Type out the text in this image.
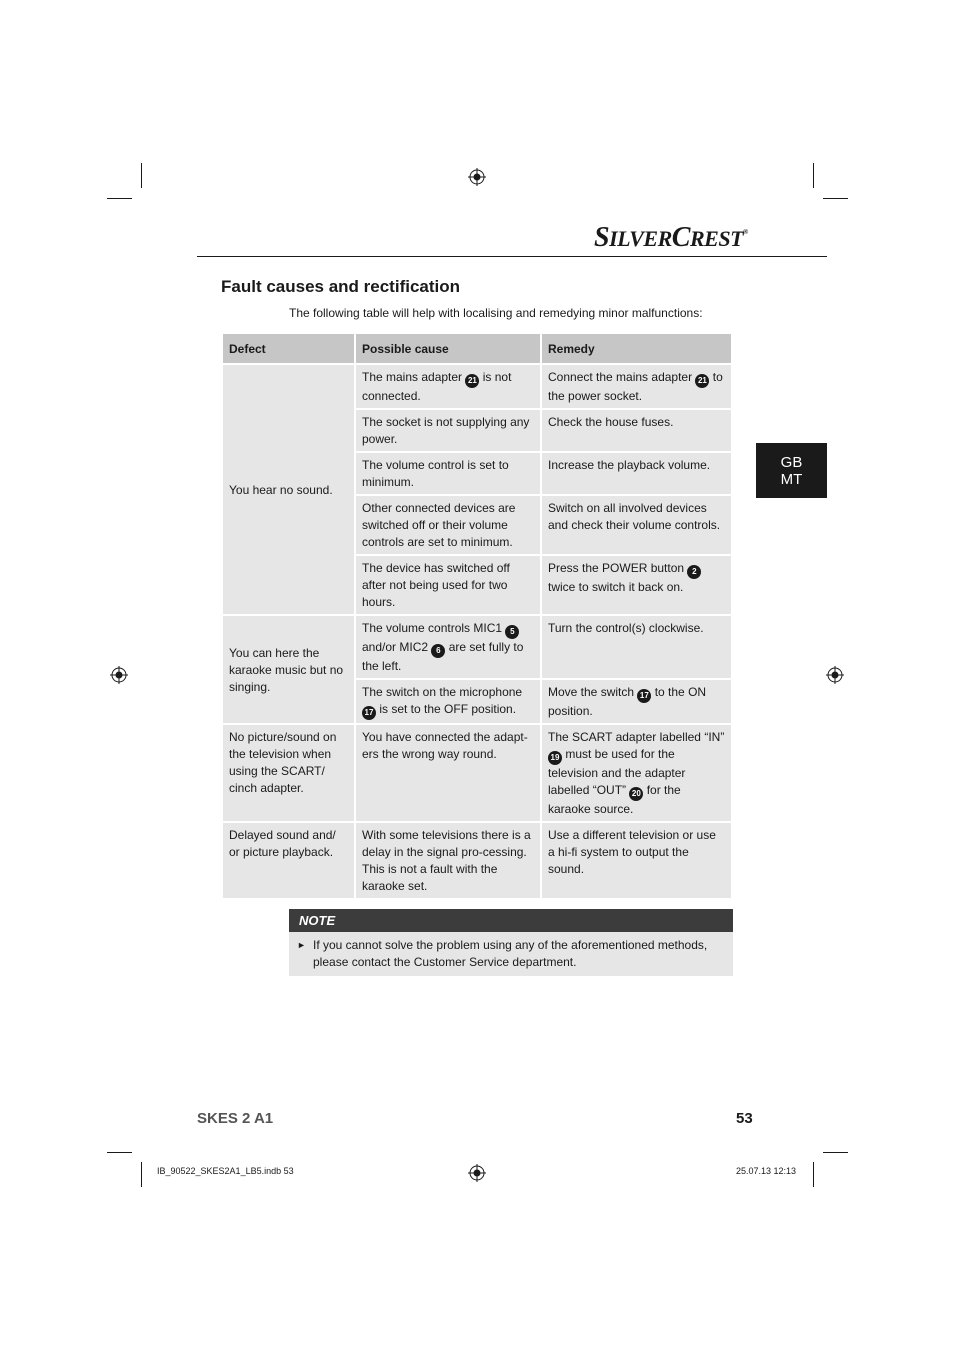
SILVERCREST®
Fault causes and rectification

The following table will help with localising and remedying minor malfunctions:

GB
MT
Defect	Possible cause	Remedy
You hear no sound.	The mains adapter 21 is not connected.	Connect the mains adapter 21 to the power socket.
	The socket is not supplying any power.	Check the house fuses.
	The volume control is set to minimum.	Increase the playback volume.
	Other connected devices are switched off or their volume controls are set to minimum.	Switch on all involved devices and check their volume controls.
	The device has switched off after not being used for two hours.	Press the POWER button 2 twice to switch it back on.
You can here the karaoke music but no singing.	The volume controls MIC1 5 and/or MIC2 6 are set fully to the left.	Turn the control(s) clockwise.
	The switch on the microphone 17 is set to the OFF position.	Move the switch 17 to the ON position.
No picture/sound on the television when using the SCART/ cinch adapter.	You have connected the adapt-ers the wrong way round.	The SCART adapter labelled “IN” 19 must be used for the television and the adapter labelled “OUT” 20 for the karaoke source.
Delayed sound and/ or picture playback.	With some televisions there is a delay in the signal pro-cessing. This is not a fault with the karaoke set.	Use a different television or use a hi-fi system to output the sound.
NOTE
► If you cannot solve the problem using any of the aforementioned methods, please contact the Customer Service department.
SKES 2 A1	53
IB_90522_SKES2A1_LB5.indb 53	25.07.13 12:13
